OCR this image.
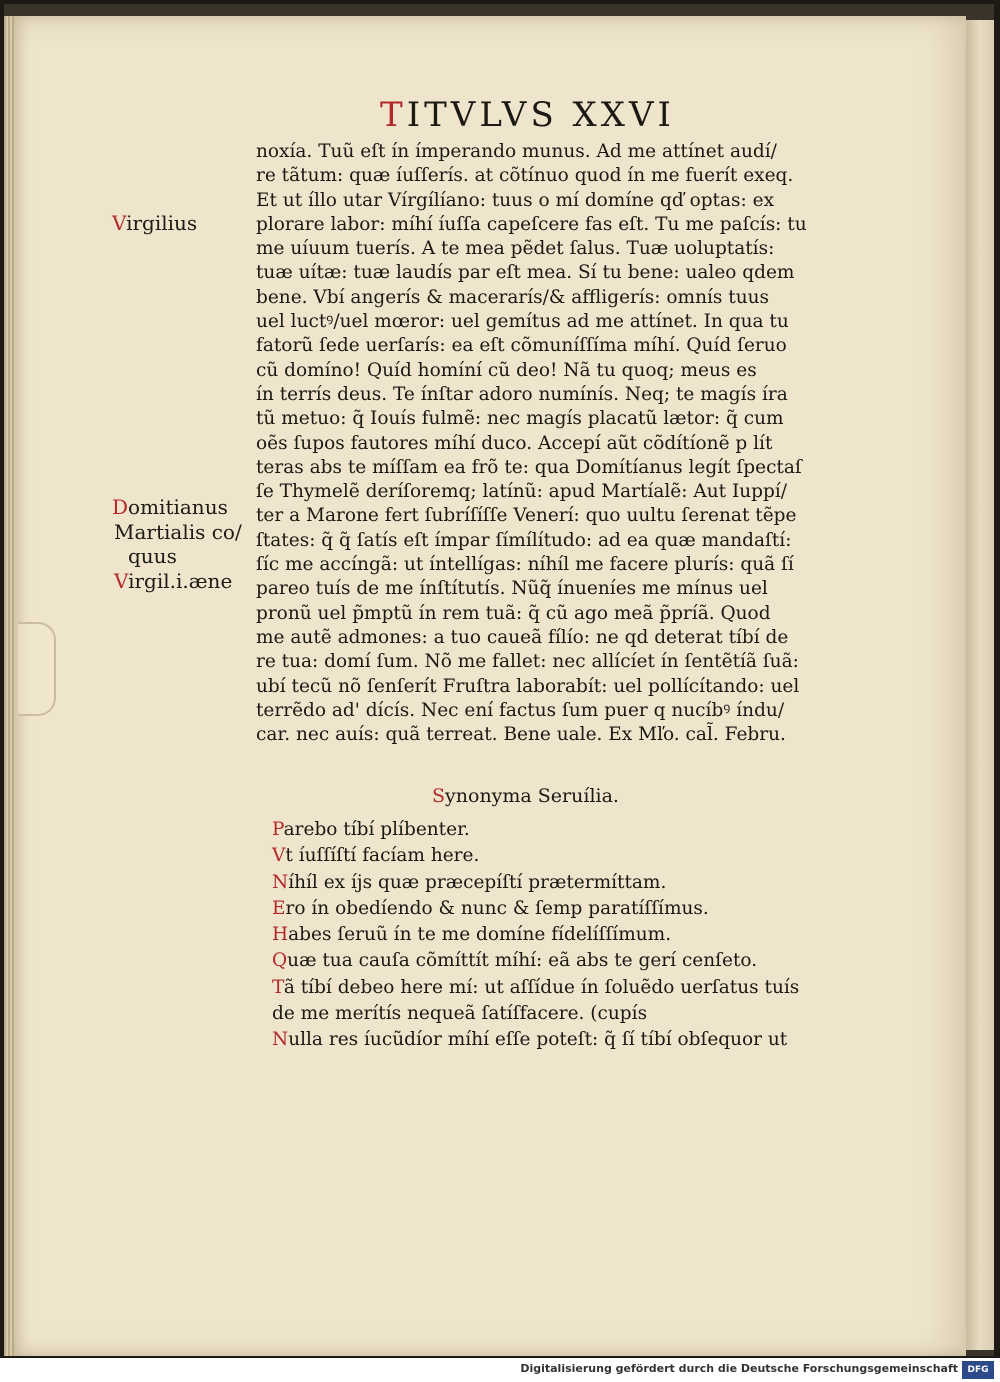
TITVLVS XXVI
Virgilius
Domitianus
Martialis co/
quus
Virgil.i.æne
noxía. Tuũ eſt ín ímperando munus. Ad me attínet audí/
re tãtum: quæ íuſſerís. at cõtínuo quod ín me fuerít exeq.
Et ut íllo utar Vírgílíano: tuus o mí domíne qď optas: ex
plorare labor: míhí íuſſa capeſcere fas eſt. Tu me paſcís: tu
me uíuum tuerís. A te mea pẽdet ſalus. Tuæ uoluptatís:
tuæ uítæ: tuæ laudís par eſt mea. Sí tu bene: ualeo qdem
bene. Vbí angerís & macerarís/& affligerís: omnís tuus
uel luctꝰ/uel mœror: uel gemítus ad me attínet. In qua tu
fatorũ ſede uerſarís: ea eſt cõmuníſſíma míhí. Quíd ſeruo
cũ domíno! Quíd homíní cũ deo! Nã tu quoq; meus es
ín terrís deus. Te ínſtar adoro numínís. Neq; te magís íra
tũ metuo: q̃ Iouís fulmẽ: nec magís placatũ lætor: q̃ cum
oẽs ſupos fautores míhí duco. Accepí aũt cõdítíonẽ p lít
teras abs te míſſam ea frõ te: qua Domítíanus legít ſpectaſ
ſe Thymelẽ deríſoremq; latínũ: apud Martíalẽ: Aut Iuppí/
ter a Marone fert ſubríſíſſe Venerí: quo uultu ſerenat tẽpe
ſtates: q̃ q̃ ſatís eſt ímpar ſímílítudo: ad ea quæ mandaſtí:
ſíc me accíngã: ut íntellígas: níhíl me facere plurís: quã ſí
pareo tuís de me ínſtítutís. Nũq̃ ínueníes me mínus uel
pronũ uel p̃mptũ ín rem tuã: q̃ cũ ago meã p̃príã. Quod
me autẽ admones: a tuo caueã fílío: ne qd deterat tíbí de
re tua: domí ſum. Nõ me fallet: nec allícíet ín ſentẽtíã ſuã:
ubí tecũ nõ ſenſerít Fruſtra laborabít: uel pollícítando: uel
terrẽdo ad' dícís. Nec ení factus ſum puer q nucíbꝰ índu/
car. nec auís: quã terreat. Bene uale. Ex Mľo. cal̃. Febru.
Synonyma Seruília.
Parebo tíbí plíbenter.
Vt íuſſíſtí facíam here.
Níhíl ex íjs quæ præcepíſtí prætermíttam.
Ero ín obedíendo & nunc & ſemp paratíſſímus.
Habes ſeruũ ín te me domíne fídelíſſímum.
Quæ tua cauſa cõmíttít míhí: eã abs te gerí cenſeto.
Tã tíbí debeo here mí: ut aſſídue ín ſoluẽdo uerſatus tuís
de me merítís nequeã ſatíſfacere. (cupís
Nulla res íucũdíor míhí eſſe poteſt: q̃ ſí tíbí obſequor ut
Digitalisierung gefördert durch die Deutsche Forschungsgemeinschaft	DFG
